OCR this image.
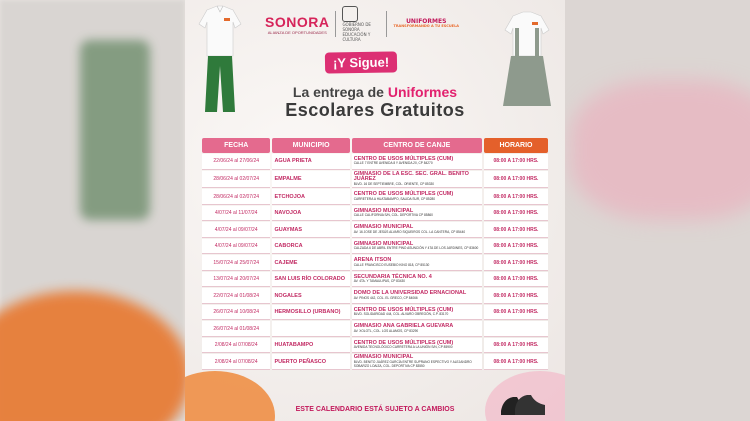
SONORA
ALIANZA DE OPORTUNIDADES
GOBIERNO DE SONORA
EDUCACIÓN Y CULTURA
UNIFORMES
TRANSFORMANDO A TU ESCUELA
¡Y Sigue!
La entrega de Uniformes
Escolares Gratuitos
FECHA	MUNICIPIO	CENTRO DE CANJE	HORARIO
22/06/24 al 27/06/24	AGUA PRIETA	CENTRO DE USOS MÚLTIPLES (CUM)
CALLE 7 ENTRE AVENIDA 8 Y AVENIDA 20, CP 84270	08:00 A 17:00 HRS.
28/06/24 al 02/07/24	EMPALME	GIMNASIO DE LA ESC. SEC. GRAL. BENITO JUÁREZ
BLVD. 16 DE SEPTIEMBRE, COL. ORIENTE, CP 85330	08:00 A 17:00 HRS.
28/06/24 al 02/07/24	ETCHOJOA	CENTRO DE USOS MÚLTIPLES (CUM)
CARRETERA A HUATABAMPO, SALIDA SUR, CP 85280	08:00 A 17:00 HRS.
4/07/24 al 11/07/24	NAVOJOA	GIMNASIO MUNICIPAL
CALLE CALIFORNIA S/N, COL. DEPORTIVA CP 85860	08:00 A 17:00 HRS.
4/07/24 al 09/07/24	GUAYMAS	GIMNASIO MUNICIPAL
AV. 16 JOSE DE JESÚS ALVARO SIQUEIROS COL. LA CANTERA, CP 85440	08:00 A 17:00 HRS.
4/07/24 al 09/07/24	CABORCA	GIMNASIO MUNICIPAL
CALZADA 6 DE ABRIL ENTRE PINO ASUNCIÓN Y 4TA DE LOS JARDINES, CP 83600	08:00 A 17:00 HRS.
15/07/24 al 25/07/24	CAJEME	ARENA ITSON
CALLE FRANCISCO EUSEBIO KINO 818, CP 85130	08:00 A 17:00 HRS.
13/07/24 al 20/07/24	SAN LUIS RÍO COLORADO	SECUNDARIA TÉCNICA NO. 4
AV. 4TA. Y TAMAULIPAS, CP 83430	08:00 A 17:00 HRS.
22/07/24 al 01/08/24	NOGALES	DOMO DE LA UNIVERSIDAD ERNACIONAL
AV. PINOS 442, COL. EL GRECO, CP 84066	08:00 A 17:00 HRS.
26/07/24 al 10/08/24	HERMOSILLO (URBANO)	CENTRO DE USOS MÚLTIPLES (CUM)
BLVD. SOLIDARIDAD 444, COL. ALVARO OBREGÓN, C.P. 83170	08:00 A 17:00 HRS.
26/07/24 al 01/08/24		GIMNASIO ANA GABRIELA GUEVARA
AV. XOLOTL, COL. LOS ALAMOS, CP 83290	

2/08/24 al 07/08/24	HUATABAMPO	CENTRO DE USOS MÚLTIPLES (CUM)
AVENIDA TECNOLÓGICO CARRETERA A LA UNIÓN S/N, CP 85900	08:00 A 17:00 HRS.
2/08/24 al 07/08/24	PUERTO PEÑASCO	GIMNASIO MUNICIPAL
BLVD. BENITO JUÁREZ GARCÍA ENTRE SUPRANO ESPECTIVO Y ALEJANDRO SOBARZO LOAIZA, COL. DEPORTIVA CP 83550	08:00 A 17:00 HRS.
ESTE CALENDARIO ESTÁ SUJETO A CAMBIOS
